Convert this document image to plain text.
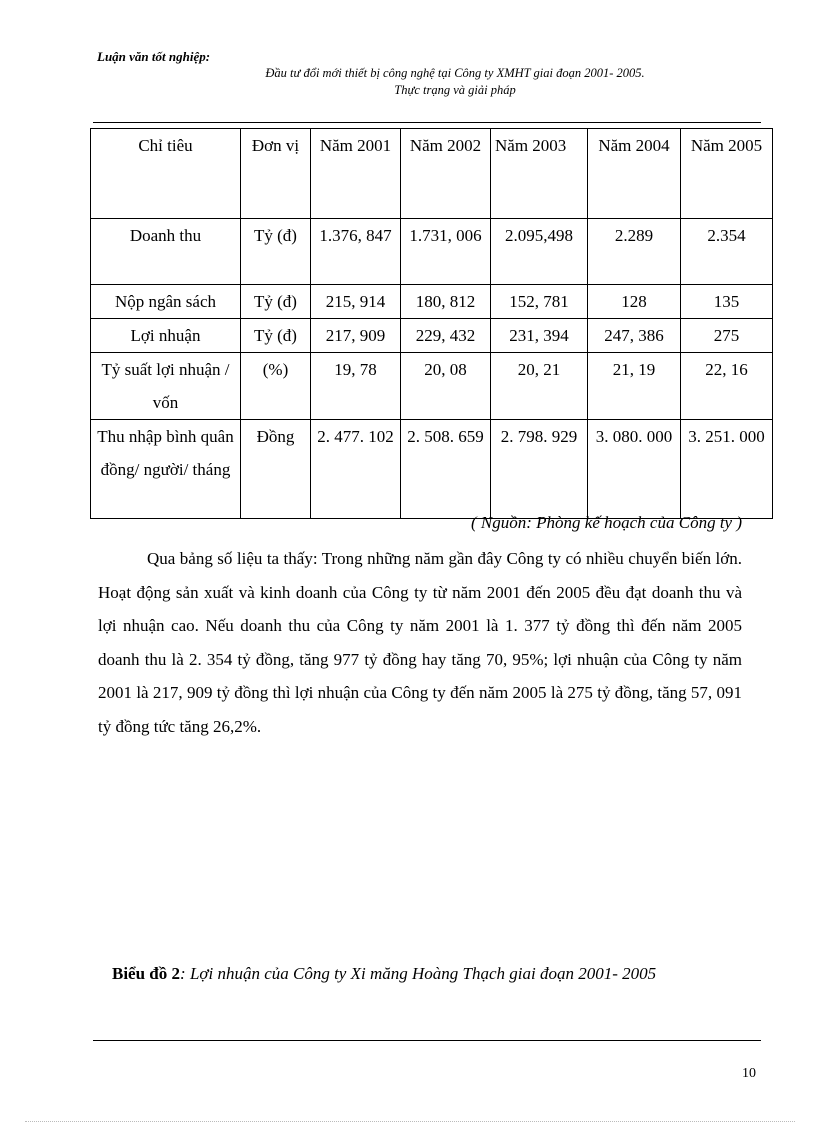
Luận văn tốt nghiệp:
Đầu tư đổi mới thiết bị công nghệ tại Công ty XMHT giai đoạn 2001- 2005.
Thực trạng và giải pháp
Chỉ tiêu	Đơn vị	Năm 2001	Năm 2002	Năm 2003	Năm 2004	Năm 2005
Doanh thu	Tỷ (đ)	1.376, 847	1.731, 006	2.095,498	2.289	2.354
Nộp ngân sách	Tỷ (đ)	215, 914	180, 812	152, 781	128	135
Lợi nhuận	Tỷ (đ)	217, 909	229, 432	231, 394	247, 386	275
Tỷ suất lợi nhuận / vốn	(%)	19, 78	20, 08	20, 21	21, 19	22, 16
Thu nhập bình quân đồng/ người/ tháng	Đồng	2. 477. 102	2. 508. 659	2. 798. 929	3. 080. 000	3. 251. 000
( Nguồn: Phòng kế hoạch của Công ty )

Qua bảng số liệu ta thấy: Trong những năm gần đây Công ty có nhiều chuyển biến lớn. Hoạt động sản xuất và kinh doanh của Công ty từ năm 2001 đến 2005 đều đạt doanh thu và lợi nhuận cao. Nếu doanh thu của Công ty năm 2001 là 1. 377 tỷ đồng thì đến năm 2005 doanh thu là 2. 354 tỷ đồng, tăng 977 tỷ đồng hay tăng 70, 95%; lợi nhuận của Công ty năm 2001 là 217, 909 tỷ đồng thì lợi nhuận của Công ty đến năm 2005 là 275 tỷ đồng, tăng 57, 091 tỷ đồng tức tăng 26,2%.

Biểu đồ 2: Lợi nhuận của Công ty Xi măng Hoàng Thạch giai đoạn 2001- 2005
10
